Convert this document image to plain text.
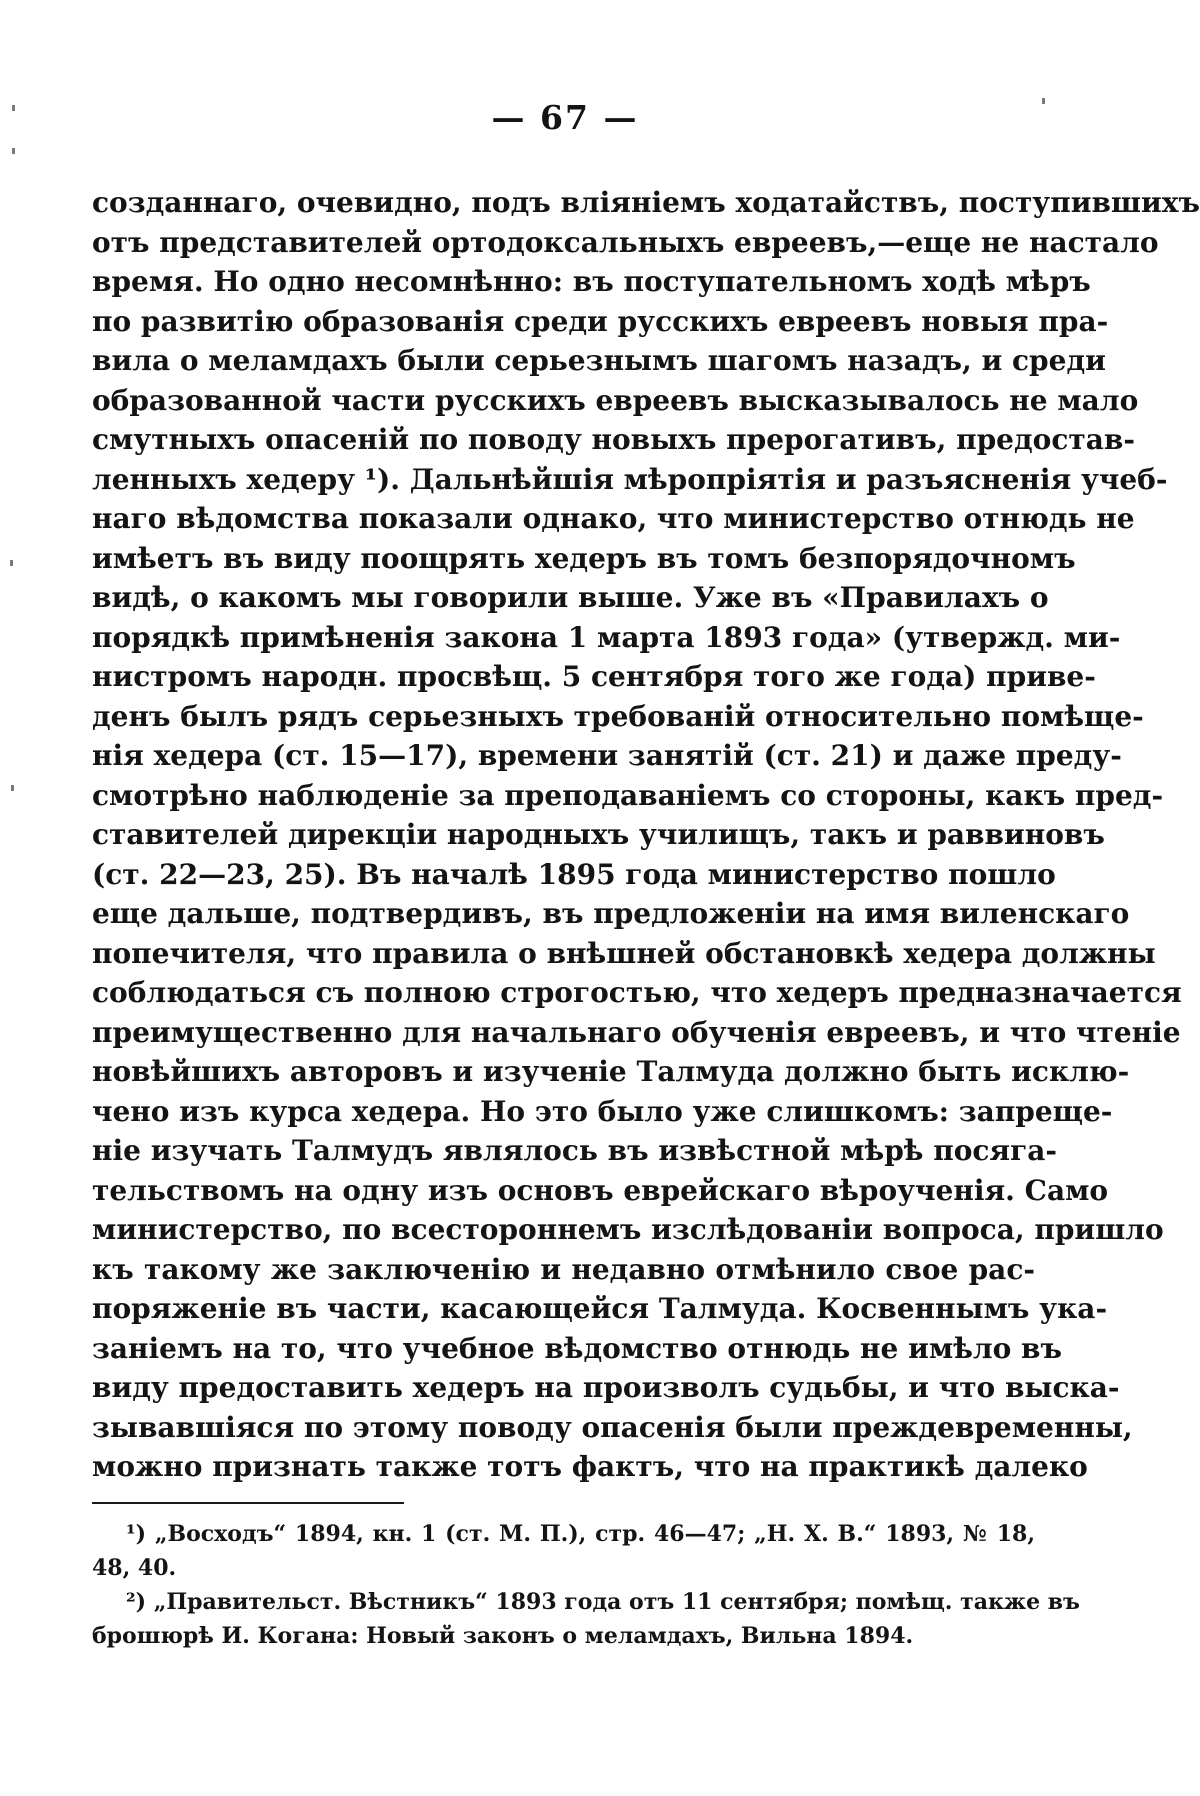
— 67 —
созданнаго, очевидно, подъ вліяніемъ ходатайствъ, поступившихъ
отъ представителей ортодоксальныхъ евреевъ,—еще не настало
время. Но одно несомнѣнно: въ поступательномъ ходѣ мѣръ
по развитію образованія среди русскихъ евреевъ новыя пра-
вила о меламдахъ были серьезнымъ шагомъ назадъ, и среди
образованной части русскихъ евреевъ высказывалось не мало
смутныхъ опасеній по поводу новыхъ прерогативъ, предостав-
ленныхъ хедеру ¹). Дальнѣйшія мѣропріятія и разъясненія учеб-
наго вѣдомства показали однако, что министерство отнюдь не
имѣетъ въ виду поощрять хедеръ въ томъ безпорядочномъ
видѣ, о какомъ мы говорили выше. Уже въ «Правилахъ о
порядкѣ примѣненія закона 1 марта 1893 года» (утвержд. ми-
нистромъ народн. просвѣщ. 5 сентября того же года) приве-
денъ былъ рядъ серьезныхъ требованій относительно помѣще-
нія хедера (ст. 15—17), времени занятій (ст. 21) и даже преду-
смотрѣно наблюденіе за преподаваніемъ со стороны, какъ пред-
ставителей дирекціи народныхъ училищъ, такъ и раввиновъ
(ст. 22—23, 25). Въ началѣ 1895 года министерство пошло
еще дальше, подтвердивъ, въ предложеніи на имя виленскаго
попечителя, что правила о внѣшней обстановкѣ хедера должны
соблюдаться съ полною строгостью, что хедеръ предназначается
преимущественно для начальнаго обученія евреевъ, и что чтеніе
новѣйшихъ авторовъ и изученіе Талмуда должно быть исклю-
чено изъ курса хедера. Но это было уже слишкомъ: запреще-
ніе изучать Талмудъ являлось въ извѣстной мѣрѣ посяга-
тельствомъ на одну изъ основъ еврейскаго вѣроученія. Само
министерство, по всестороннемъ изслѣдованіи вопроса, пришло
къ такому же заключенію и недавно отмѣнило свое рас-
поряженіе въ части, касающейся Талмуда. Косвеннымъ ука-
заніемъ на то, что учебное вѣдомство отнюдь не имѣло въ
виду предоставить хедеръ на произволъ судьбы, и что выска-
зывавшіяся по этому поводу опасенія были преждевременны,
можно признать также тотъ фактъ, что на практикѣ далеко
¹) „Восходъ“ 1894, кн. 1 (ст. М. П.), стр. 46—47; „Н. Х. В.“ 1893, № 18,
48, 40.
²) „Правительст. Вѣстникъ“ 1893 года отъ 11 сентября; помѣщ. также въ
брошюрѣ И. Когана: Новый законъ о меламдахъ, Вильна 1894.
